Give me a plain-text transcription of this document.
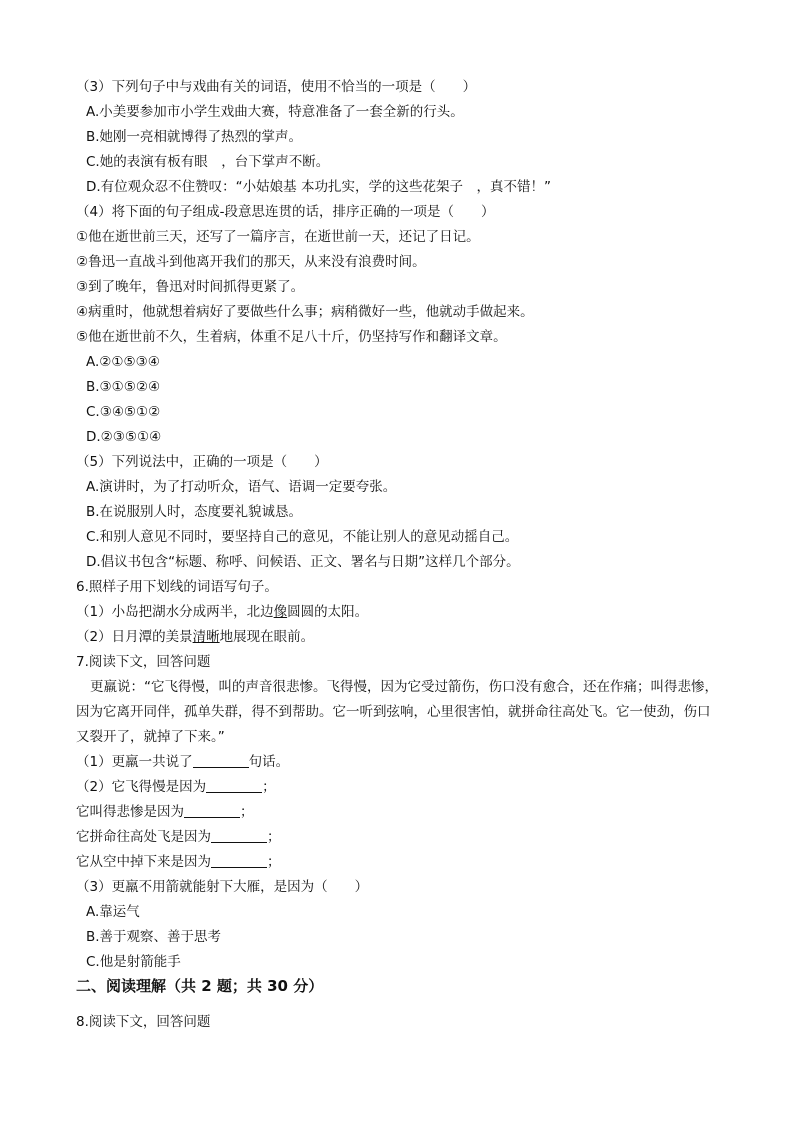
（3）下列句子中与戏曲有关的词语，使用不恰当的一项是（　　）
A.小美要参加市小学生戏曲大赛，特意准备了一套全新的行头。
B.她刚一亮相就博得了热烈的掌声。
C.她的表演有板有眼　，台下掌声不断。
D.有位观众忍不住赞叹：“小姑娘基 本功扎实，学的这些花架子　，真不错！”
（4）将下面的句子组成-段意思连贯的话，排序正确的一项是（　　）
①他在逝世前三天，还写了一篇序言，在逝世前一天，还记了日记。
②鲁迅一直战斗到他离开我们的那天，从来没有浪费时间。
③到了晚年，鲁迅对时间抓得更紧了。
④病重时，他就想着病好了要做些什么事；病稍微好一些，他就动手做起来。
⑤他在逝世前不久，生着病，体重不足八十斤，仍坚持写作和翻译文章。
A.②①⑤③④
B.③①⑤②④
C.③④⑤①②
D.②③⑤①④
（5）下列说法中，正确的一项是（　　）
A.演讲时，为了打动听众，语气、语调一定要夸张。
B.在说服别人时，态度要礼貌诚恳。
C.和别人意见不同时，要坚持自己的意见，不能让别人的意见动摇自己。
D.倡议书包含“标题、称呼、问候语、正文、署名与日期”这样几个部分。
6.照样子用下划线的词语写句子。
（1）小岛把湖水分成两半，北边像圆圆的太阳。
（2）日月潭的美景清晰地展现在眼前。
7.阅读下文，回答问题
更羸说：“它飞得慢，叫的声音很悲惨。飞得慢，因为它受过箭伤，伤口没有愈合，还在作痛；叫得悲惨，因为它离开同伴，孤单失群，得不到帮助。它一听到弦响，心里很害怕，就拼命往高处飞。它一使劲，伤口又裂开了，就掉了下来。”
（1）更羸一共说了	句话。
（2）它飞得慢是因为	；
它叫得悲惨是因为	；
它拼命往高处飞是因为	；
它从空中掉下来是因为	；
（3）更羸不用箭就能射下大雁，是因为（　　）
A.靠运气
B.善于观察、善于思考
C.他是射箭能手
二、阅读理解（共 2 题；共 30 分）
8.阅读下文，回答问题
